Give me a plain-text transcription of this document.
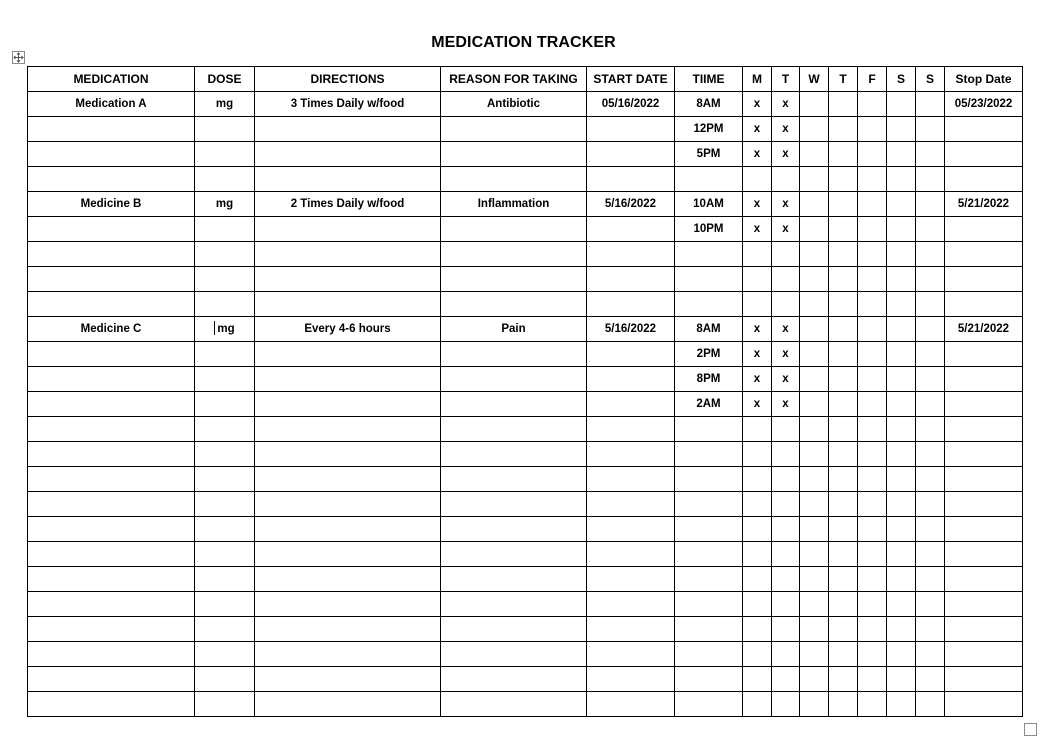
MEDICATION TRACKER
MEDICATION	DOSE	DIRECTIONS	REASON FOR TAKING	START DATE	TIIME	M	T	W	T	F	S	S	Stop Date
Medication A	mg	3 Times Daily w/food	Antibiotic	05/16/2022	8AM	x	x						05/23/2022
					12PM	x	x						
					5PM	x	x						

Medicine B	mg	2 Times Daily w/food	Inflammation	5/16/2022	10AM	x	x						5/21/2022
					10PM	x	x						

Medicine C	mg	Every 4-6 hours	Pain	5/16/2022	8AM	x	x						5/21/2022
					2PM	x	x						
					8PM	x	x						
					2AM	x	x						
